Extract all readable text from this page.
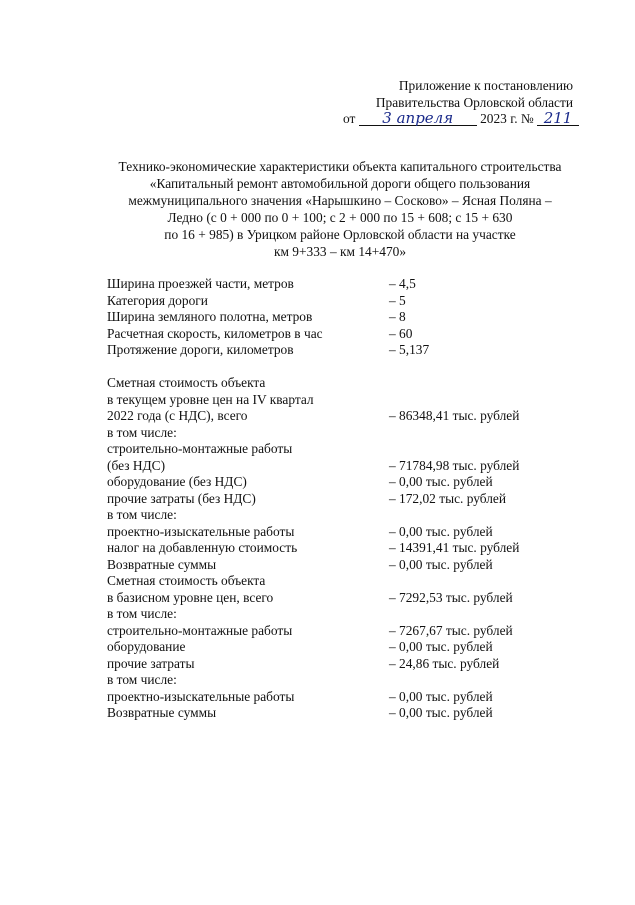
Приложение к постановлению
Правительства Орловской области
от 3 апреля 2023 г. № 211
Технико-экономические характеристики объекта капитального строительства
«Капитальный ремонт автомобильной дороги общего пользования
межмуниципального значения «Нарышкино – Сосково» – Ясная Поляна –
Ледно (с 0 + 000 по 0 + 100; с 2 + 000 по 15 + 608; с 15 + 630
по 16 + 985) в Урицком районе Орловской области на участке
км 9+333 – км 14+470»
Ширина проезжей части, метров	– 4,5
Категория дороги	– 5
Ширина земляного полотна, метров	– 8
Расчетная скорость, километров в час	– 60
Протяжение дороги, километров	– 5,137
Сметная стоимость объекта
в текущем уровне цен на IV квартал
2022 года (с НДС), всего	– 86348,41 тыс. рублей
в том числе:
строительно-монтажные работы
(без НДС)	– 71784,98 тыс. рублей
оборудование (без НДС)	– 0,00 тыс. рублей
прочие затраты (без НДС)	– 172,02 тыс. рублей
в том числе:
проектно-изыскательные работы	– 0,00 тыс. рублей
налог на добавленную стоимость	– 14391,41 тыс. рублей
Возвратные суммы	– 0,00 тыс. рублей
Сметная стоимость объекта
в базисном уровне цен, всего	– 7292,53 тыс. рублей
в том числе:
строительно-монтажные работы	– 7267,67 тыс. рублей
оборудование	– 0,00 тыс. рублей
прочие затраты	– 24,86 тыс. рублей
в том числе:
проектно-изыскательные работы	– 0,00 тыс. рублей
Возвратные суммы	– 0,00 тыс. рублей
